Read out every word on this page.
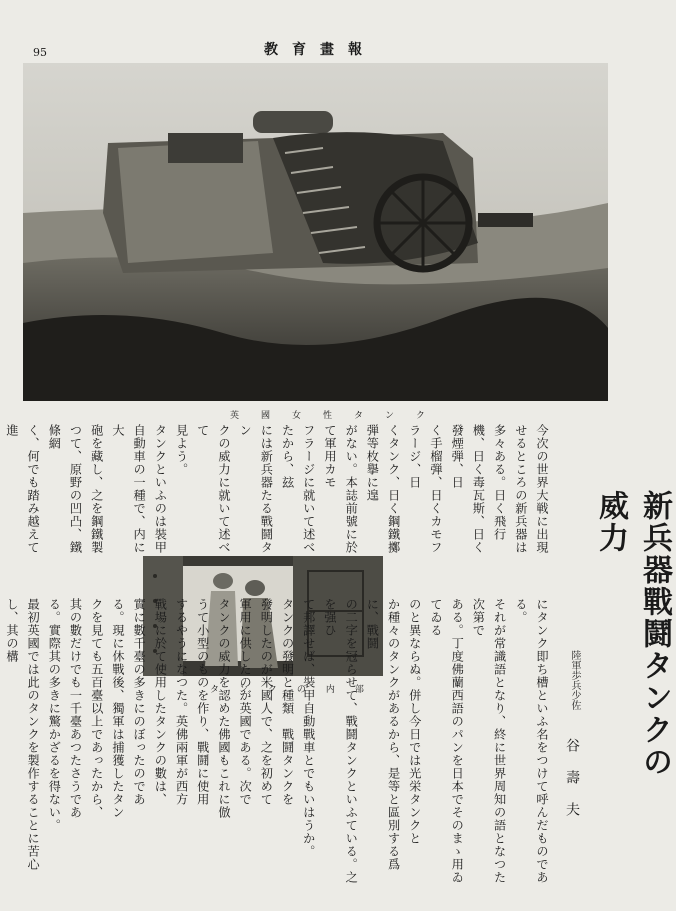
95	教育畫報
英國女性タンク
タンクの内部	新兵器戰鬪タンクの威力
陸軍歩兵少佐
谷壽夫
今次の世界大戦に出現せるところの新兵器は多々ある。日く飛行
機、日く毒瓦斯、日く發煙弾、日
く手榴弾、日くカモフラージ、日
くタンク、日く鋼鐵擲弾等枚擧に遑
がない。本誌前號に於て軍用カモ
フラージに就いて述べたから、玆
には新兵器たる戰鬪タン
クの威力に就いて述べて
見よう。
タンクといふのは裝甲
自動車の一種で、内に大
砲を藏し、之を鋼鐵製
つて、原野の凹凸、鐵條網
く、何でも踏み越えて進
にタンク即ち槽といふ名をつけて呼んだものである。
それが常識語となり、終に世界周知の語となつた次第で
ある。丁度佛蘭西語のパンを日本でそのまゝ用ゐてゐる
のと異ならぬ。併し今日では光栄タンクと
か種々のタンクがあるから、是等と區別する爲に、戰鬪
の二字を冠らせて、戰鬪タンクといふている。之を强ひ
て邦譯せば、裝甲自動戰車とでもいはうか。
タンクの發明と種類　戰鬪タンクを
發明したのが米國人で、之を初めて
軍用に供したのが英國である。次で
タンクの威力を認めた佛國もこれに倣
うて小型のものを作り、戰鬪に使用
するやうになつた。英佛兩軍が西方
戰場に於て使用したタンクの數は、
實に數千臺の多きにのぼったのであ
る。現に休戰後、獨軍は捕獲したタン
クを見ても五百臺以上であったから、
其の數だけでも一千臺あつたさうであ
る。實際其の多きに驚かざるを得ない。
最初英國では此のタンクを製作することに苦心し、其の構
